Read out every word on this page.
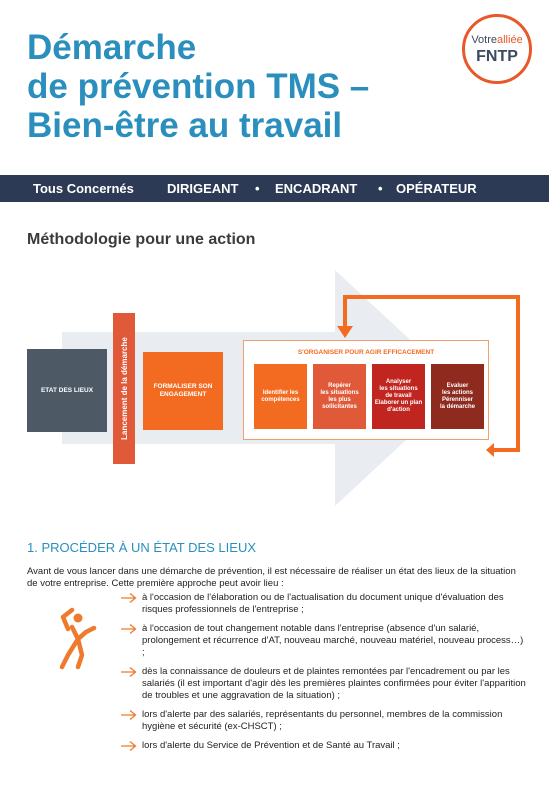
Démarche
de prévention TMS –
Bien-être au travail
Votrealliée
FNTP
Tous Concernés	DIRIGEANT • ENCADRANT • OPÉRATEUR
Méthodologie pour une action
ETAT DES LIEUX	Lancement de la démarche	FORMALISER SON ENGAGEMENT
S'ORGANISER POUR AGIR EFFICACEMENT
Identifier les
compétences
Repérer
les situations
les plus
sollicitantes
Analyser
les situations
de travail
Elaborer un plan
d'action
Evaluer
les actions
Pérenniser
la démarche
1. PROCÉDER À UN ÉTAT DES LIEUX
Avant de vous lancer dans une démarche de prévention, il est nécessaire de réaliser un état des lieux de la situation de votre entreprise. Cette première approche peut avoir lieu :
à l'occasion de l'élaboration ou de l'actualisation du document unique d'évaluation des risques professionnels de l'entreprise ;
à l'occasion de tout changement notable dans l'entreprise (absence d'un salarié, prolongement et récurrence d'AT, nouveau marché, nouveau matériel, nouveau process…) ;
dès la connaissance de douleurs et de plaintes remontées par l'encadrement ou par les salariés (il est important d'agir dès les premières plaintes confirmées pour éviter l'apparition de troubles et une aggravation de la situation) ;
lors d'alerte par des salariés, représentants du personnel, membres de la commission hygiène et sécurité (ex-CHSCT) ;
lors d'alerte du Service de Prévention et de Santé au Travail ;
